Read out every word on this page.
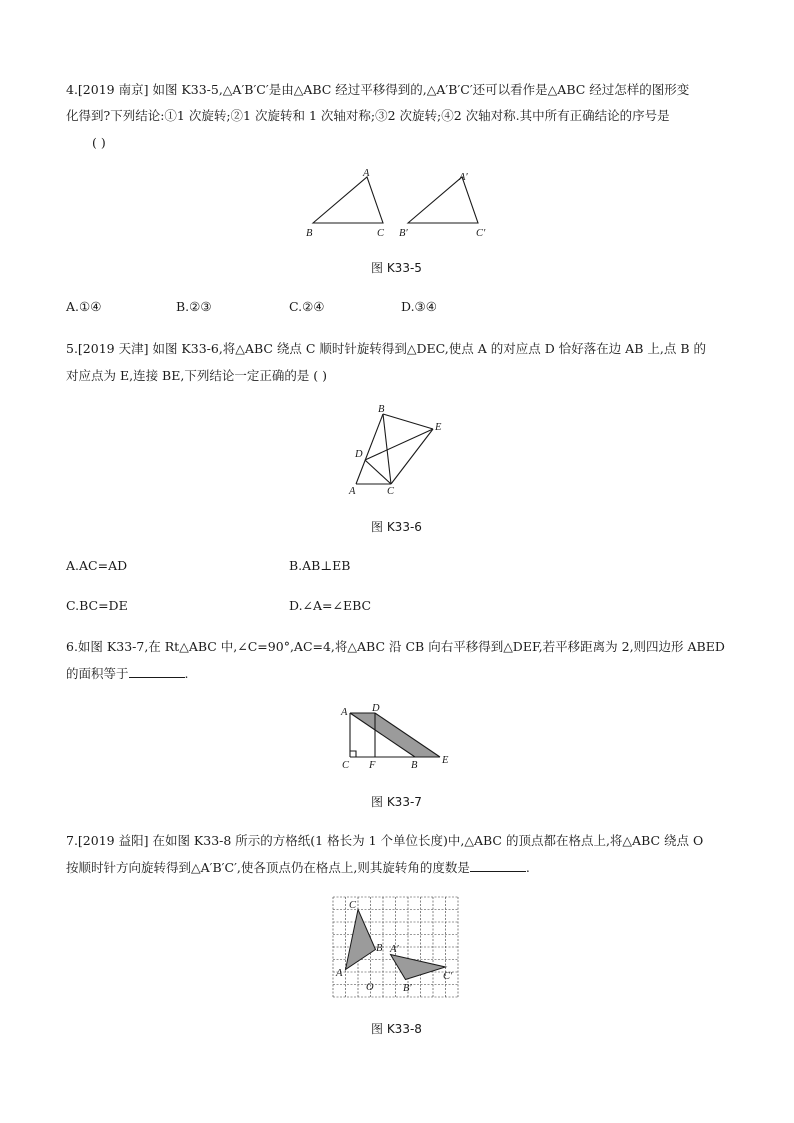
4.[2019 南京] 如图 K33-5,△A′B′C′是由△ABC 经过平移得到的,△A′B′C′还可以看作是△ABC 经过怎样的图形变
化得到?下列结论:①1 次旋转;②1 次旋转和 1 次轴对称;③2 次旋转;④2 次轴对称.其中所有正确结论的序号是
( )
A
B	C
A′
B′	C′
图 K33-5
A.①④	B.②③	C.②④	D.③④
5.[2019 天津] 如图 K33-6,将△ABC 绕点 C 顺时针旋转得到△DEC,使点 A 的对应点 D 恰好落在边 AB 上,点 B 的
对应点为 E,连接 BE,下列结论一定正确的是 ( )
B
E
D
A	C
图 K33-6
A.AC=AD	B.AB⊥EB
C.BC=DE	D.∠A=∠EBC
6.如图 K33-7,在 Rt△ABC 中,∠C=90°,AC=4,将△ABC 沿 CB 向右平移得到△DEF,若平移距离为 2,则四边形 ABED
的面积等于	.
A D
C F	B E
图 K33-7
7.[2019 益阳] 在如图 K33-8 所示的方格纸(1 格长为 1 个单位长度)中,△ABC 的顶点都在格点上,将△ABC 绕点 O
按顺时针方向旋转得到△A′B′C′,使各顶点仍在格点上,则其旋转角的度数是	.
C
B
A
O
A′
B′
C′
图 K33-8
